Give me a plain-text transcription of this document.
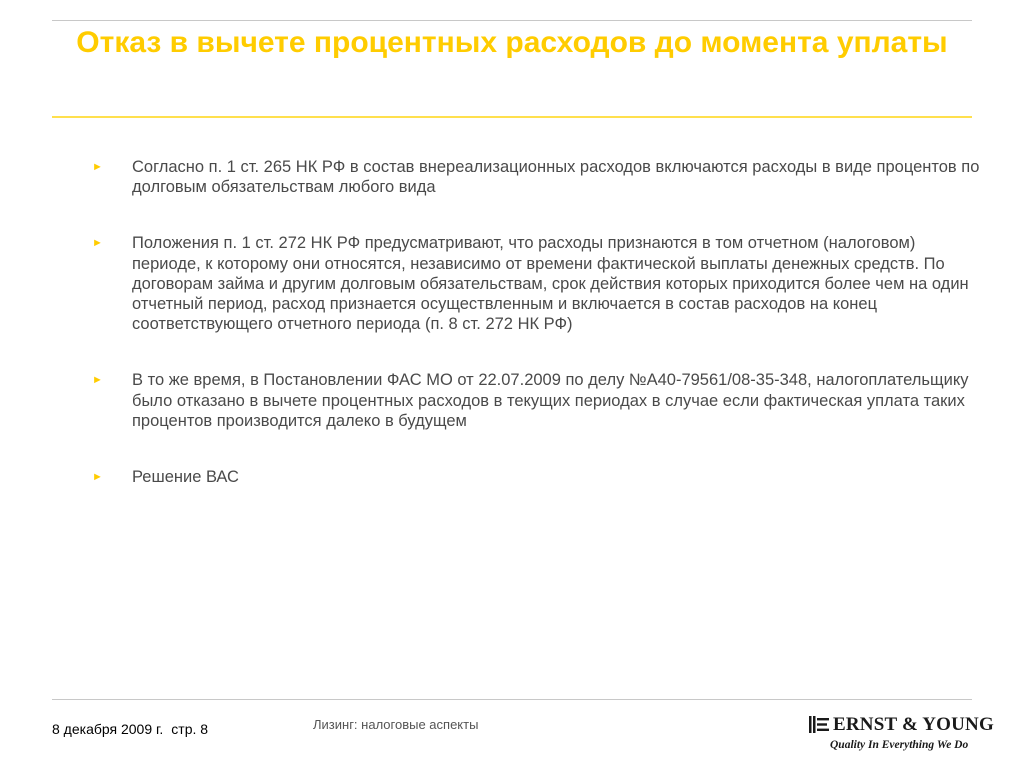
Отказ в вычете процентных расходов до момента уплаты
► Согласно п. 1 ст. 265 НК РФ в состав внереализационных расходов включаются расходы в виде процентов по долговым обязательствам любого вида
► Положения п. 1 ст. 272 НК РФ предусматривают, что расходы признаются в том отчетном (налоговом) периоде, к которому они относятся, независимо от времени фактической выплаты денежных средств. По договорам займа и другим долговым обязательствам, срок действия которых приходится более чем на один отчетный период, расход признается осуществленным и включается в состав расходов на конец соответствующего отчетного периода (п. 8 ст. 272 НК РФ)
► В то же время, в Постановлении ФАС МО от 22.07.2009 по делу №А40-79561/08-35-348, налогоплательщику было отказано в вычете процентных расходов в текущих периодах в случае если фактическая уплата таких процентов производится далеко в будущем
► Решение ВАС
8 декабря 2009 г. стр. 8	Лизинг: налоговые аспекты	ERNST & YOUNG
Quality In Everything We Do
